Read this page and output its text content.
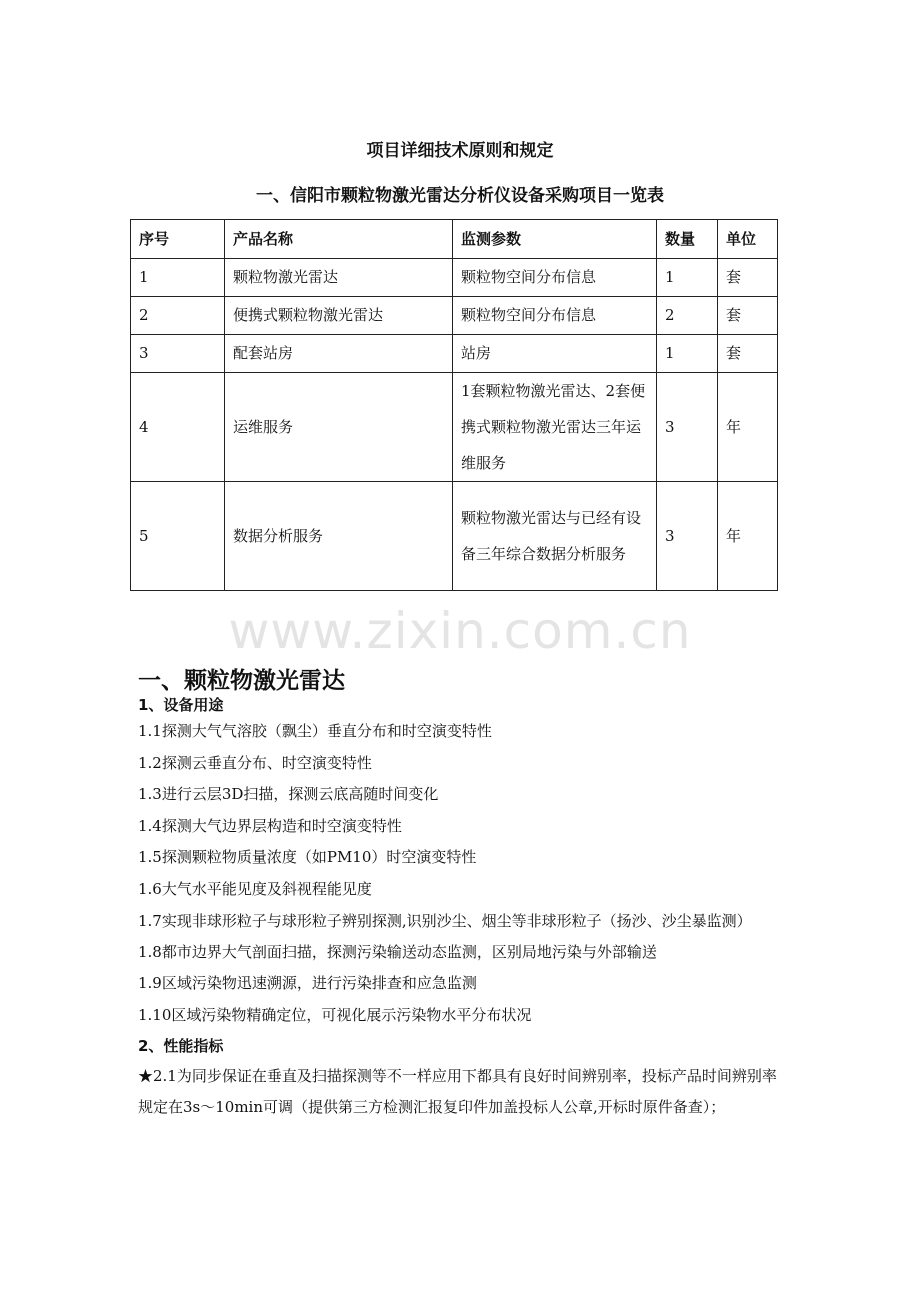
项目详细技术原则和规定
一、信阳市颗粒物激光雷达分析仪设备采购项目一览表
序号	产品名称	监测参数	数量	单位
1	颗粒物激光雷达	颗粒物空间分布信息	1	套
2	便携式颗粒物激光雷达	颗粒物空间分布信息	2	套
3	配套站房	站房	1	套
4	运维服务	1套颗粒物激光雷达、2套便携式颗粒物激光雷达三年运维服务	3	年
5	数据分析服务	颗粒物激光雷达与已经有设备三年综合数据分析服务	3	年
www.zixin.com.cn
一、颗粒物激光雷达
1、设备用途

1.1探测大气气溶胶（飘尘）垂直分布和时空演变特性

1.2探测云垂直分布、时空演变特性

1.3进行云层3D扫描，探测云底高随时间变化

1.4探测大气边界层构造和时空演变特性

1.5探测颗粒物质量浓度（如PM10）时空演变特性

1.6大气水平能见度及斜视程能见度

1.7实现非球形粒子与球形粒子辨别探测,识别沙尘、烟尘等非球形粒子（扬沙、沙尘暴监测）

1.8都市边界大气剖面扫描，探测污染输送动态监测，区别局地污染与外部输送

1.9区域污染物迅速溯源，进行污染排查和应急监测

1.10区域污染物精确定位，可视化展示污染物水平分布状况

2、性能指标

★2.1为同步保证在垂直及扫描探测等不一样应用下都具有良好时间辨别率，投标产品时间辨别率规定在3s～10min可调（提供第三方检测汇报复印件加盖投标人公章,开标时原件备查）；
